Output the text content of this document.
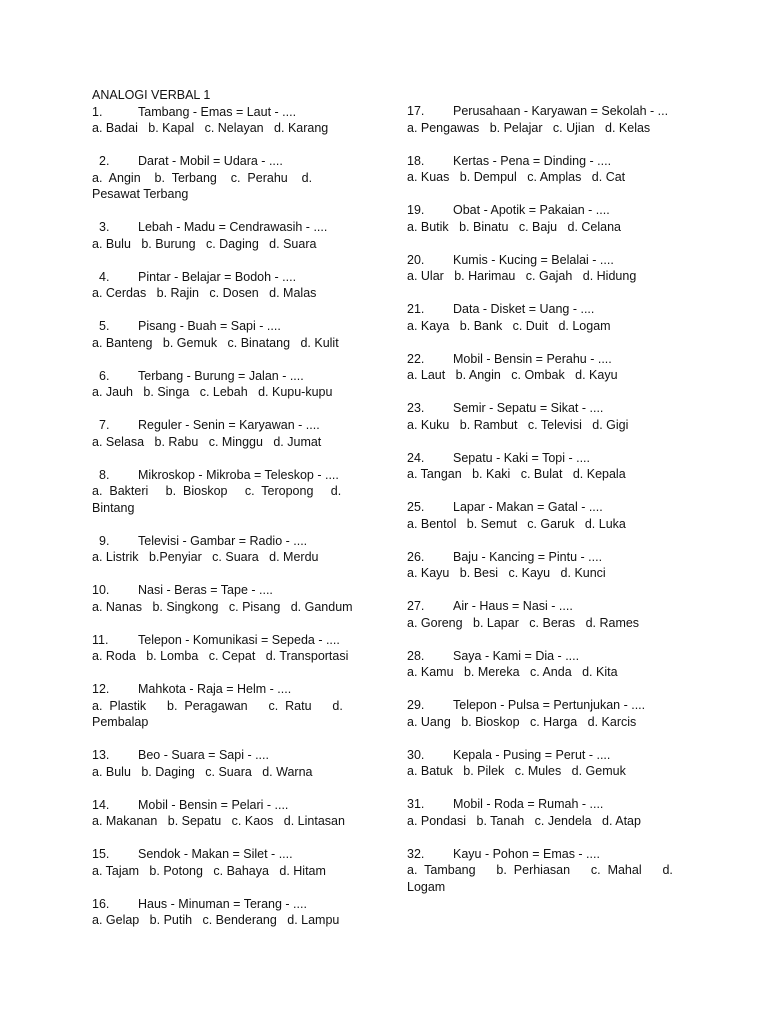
ANALOGI VERBAL 1
1.	Tambang - Emas = Laut - ....
a. Badai   b. Kapal   c. Nelayan   d. Karang
2.	Darat - Mobil = Udara - ....
a.  Angin    b.  Terbang    c.  Perahu    d.  Pesawat Terbang
3.	Lebah - Madu = Cendrawasih - ....
a. Bulu   b. Burung   c. Daging   d. Suara
4.	Pintar - Belajar = Bodoh - ....
a. Cerdas   b. Rajin   c. Dosen   d. Malas
5.	Pisang - Buah = Sapi - ....
a. Banteng   b. Gemuk   c. Binatang   d. Kulit
6.	Terbang - Burung = Jalan - ....
a. Jauh   b. Singa   c. Lebah   d. Kupu-kupu
7.	Reguler - Senin = Karyawan - ....
a. Selasa   b. Rabu   c. Minggu   d. Jumat
8.	Mikroskop - Mikroba = Teleskop - ....
a.  Bakteri     b.  Bioskop     c.  Teropong     d. Bintang
9.	Televisi - Gambar = Radio - ....
a. Listrik   b.Penyiar   c. Suara   d. Merdu
10.	Nasi - Beras = Tape - ....
a. Nanas   b. Singkong   c. Pisang   d. Gandum
11.	Telepon - Komunikasi = Sepeda - ....
a. Roda   b. Lomba   c. Cepat   d. Transportasi
12.	Mahkota - Raja = Helm - ....
a.  Plastik      b.  Peragawan      c.  Ratu      d. Pembalap
13.	Beo - Suara = Sapi - ....
a. Bulu   b. Daging   c. Suara   d. Warna
14.	Mobil - Bensin = Pelari - ....
a. Makanan   b. Sepatu   c. Kaos   d. Lintasan
15.	Sendok - Makan = Silet - ....
a. Tajam   b. Potong   c. Bahaya   d. Hitam
16.	Haus - Minuman = Terang - ....
a. Gelap   b. Putih   c. Benderang   d. Lampu
17.	Perusahaan - Karyawan = Sekolah - ...
a. Pengawas   b. Pelajar   c. Ujian   d. Kelas
18.	Kertas - Pena = Dinding - ....
a. Kuas   b. Dempul   c. Amplas   d. Cat
19.	Obat - Apotik = Pakaian - ....
a. Butik   b. Binatu   c. Baju   d. Celana
20.	Kumis - Kucing = Belalai - ....
a. Ular   b. Harimau   c. Gajah   d. Hidung
21.	Data - Disket = Uang - ....
a. Kaya   b. Bank   c. Duit   d. Logam
22.	Mobil - Bensin = Perahu - ....
a. Laut   b. Angin   c. Ombak   d. Kayu
23.	Semir - Sepatu = Sikat - ....
a. Kuku   b. Rambut   c. Televisi   d. Gigi
24.	Sepatu - Kaki = Topi - ....
a. Tangan   b. Kaki   c. Bulat   d. Kepala
25.	Lapar - Makan = Gatal - ....
a. Bentol   b. Semut   c. Garuk   d. Luka
26.	Baju - Kancing = Pintu - ....
a. Kayu   b. Besi   c. Kayu   d. Kunci
27.	Air - Haus = Nasi - ....
a. Goreng   b. Lapar   c. Beras   d. Rames
28.	Saya - Kami = Dia - ....
a. Kamu   b. Mereka   c. Anda   d. Kita
29.	Telepon - Pulsa = Pertunjukan - ....
a. Uang   b. Bioskop   c. Harga   d. Karcis
30.	Kepala - Pusing = Perut - ....
a. Batuk   b. Pilek   c. Mules   d. Gemuk
31.	Mobil - Roda = Rumah - ....
a. Pondasi   b. Tanah   c. Jendela   d. Atap
32.	Kayu - Pohon = Emas - ....
a.  Tambang      b.  Perhiasan      c.  Mahal      d. Logam
